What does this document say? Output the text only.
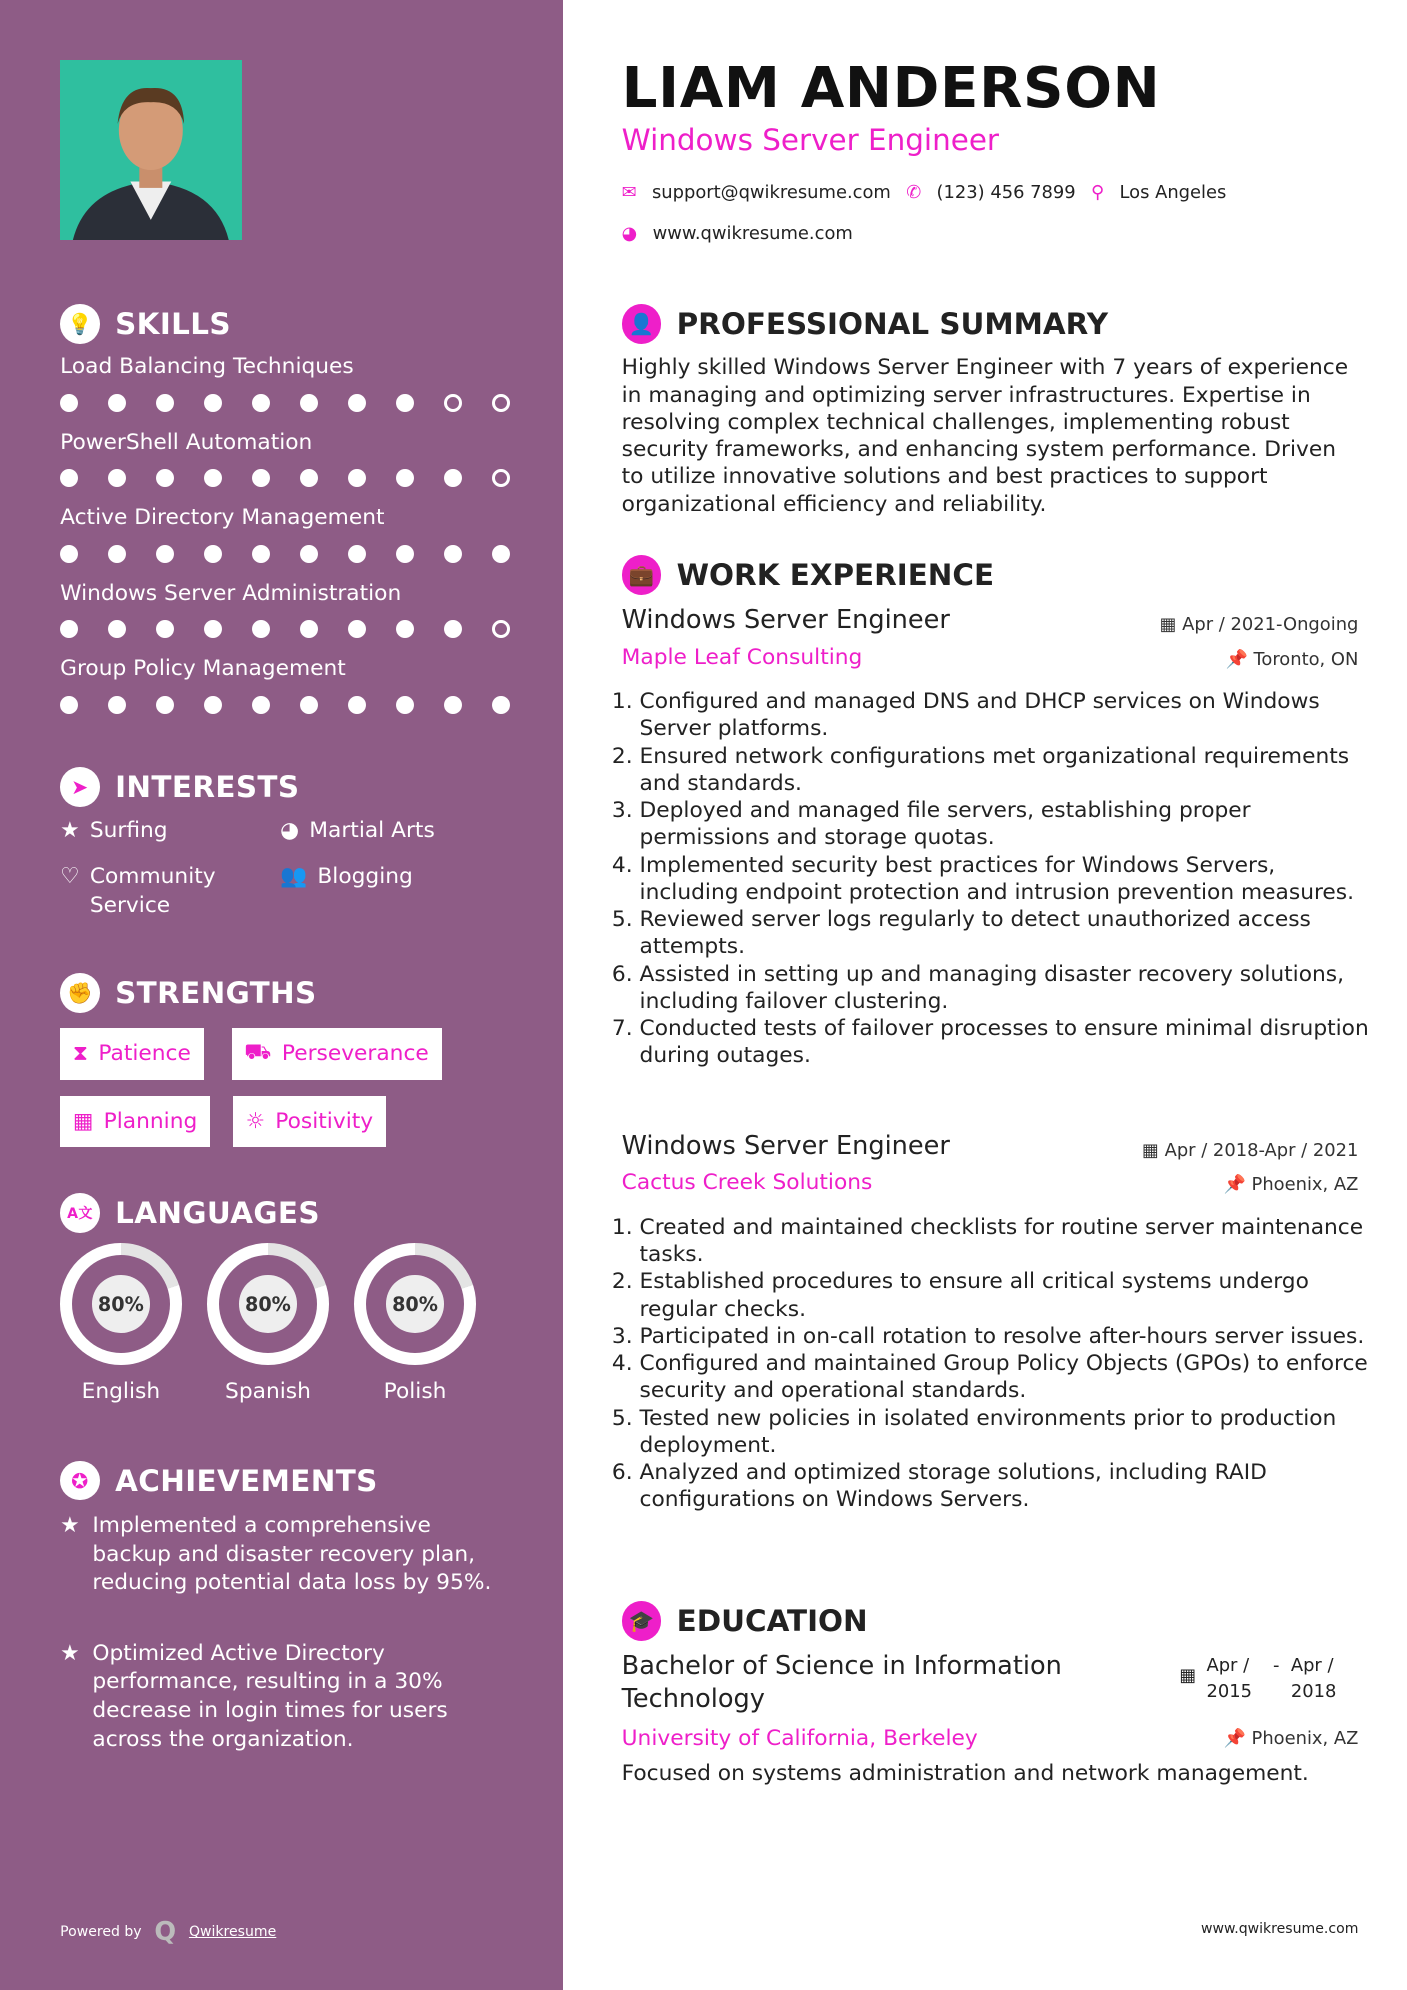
💡 SKILLS
➤	INTERESTS
★ Surfing	◕ Martial Arts
♡ Community Service
👥 Blogging
✊ STRENGTHS
⧗ Patience	⛟ Perseverance
▦ Planning	☼ Positivity
A文 LANGUAGES
✪	ACHIEVEMENTS
★ Implemented a comprehensive backup and disaster recovery plan, reducing potential data loss by 95%.
★ Optimized Active Directory performance, resulting in a 30% decrease in login times for users across the organization.
Powered by Q Qwikresume
Load Balancing Techniques
PowerShell Automation
Active Directory Management
Windows Server Administration
Group Policy Management
80%
English
80%
Spanish
80%
Polish
LIAM ANDERSON
Windows Server Engineer
✉ support@qwikresume.com ✆ (123) 456 7899 ⚲ Los Angeles
◕ www.qwikresume.com
👤 PROFESSIONAL SUMMARY
Highly skilled Windows Server Engineer with 7 years of experience in managing and optimizing server infrastructures. Expertise in resolving complex technical challenges, implementing robust security frameworks, and enhancing system performance. Driven to utilize innovative solutions and best practices to support organizational efficiency and reliability.
💼 WORK EXPERIENCE
🎓 EDUCATION
Bachelor of Science in Information Technology
▦ Apr / 2015
- Apr / 2018
University of California, Berkeley	📌 Phoenix, AZ
Focused on systems administration and network management.
www.qwikresume.com
Windows Server Engineer	▦ Apr / 2021-Ongoing
Maple Leaf Consulting	📌 Toronto, ON
1. Configured and managed DNS and DHCP services on Windows Server platforms.
2. Ensured network configurations met organizational requirements and standards.
3. Deployed and managed file servers, establishing proper permissions and storage quotas.
4. Implemented security best practices for Windows Servers, including endpoint protection and intrusion prevention measures.
5. Reviewed server logs regularly to detect unauthorized access attempts.
6. Assisted in setting up and managing disaster recovery solutions, including failover clustering.
7. Conducted tests of failover processes to ensure minimal disruption during outages.
Windows Server Engineer	▦ Apr / 2018-Apr / 2021
Cactus Creek Solutions	📌 Phoenix, AZ
1. Created and maintained checklists for routine server maintenance tasks.
2. Established procedures to ensure all critical systems undergo regular checks.
3. Participated in on-call rotation to resolve after-hours server issues.
4. Configured and maintained Group Policy Objects (GPOs) to enforce security and operational standards.
5. Tested new policies in isolated environments prior to production deployment.
6. Analyzed and optimized storage solutions, including RAID configurations on Windows Servers.
